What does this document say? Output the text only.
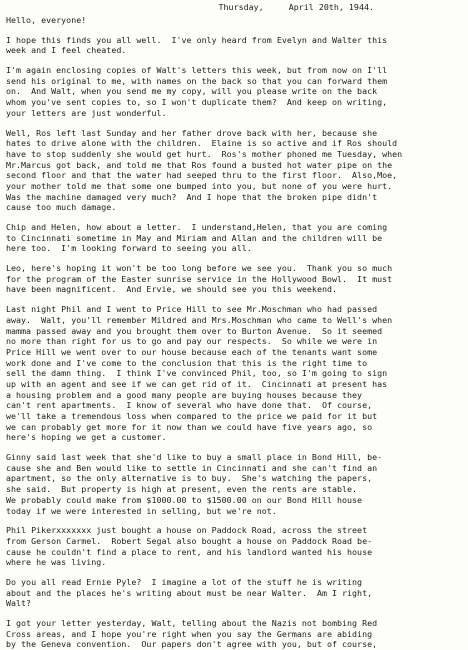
Thursday,     April 20th, 1944.
Hello, everyone!
I hope this finds you all well.  I've only heard from Evelyn and Walter this
week and I feel cheated.
I'm again enclosing copies of Walt's letters this week, but from now on I'll
send his original to me, with names on the back so that you can forward them
on.  And Walt, when you send me my copy, will you please write on the back
whom you've sent copies to, so I won't duplicate them?  And keep on writing,
your letters are just wonderful.
Well, Ros left last Sunday and her father drove back with her, because she
hates to drive alone with the children.  Elaine is so active and if Ros should
have to stop suddenly she would get hurt.  Ros's mother phoned me Tuesday, when
Mr.Marcus got back, and told me that Ros found a busted hot water pipe on the
second floor and that the water had seeped thru to the first floor.  Also,Moe,
your mother told me that some one bumped into you, but none of you were hurt.
Was the machine damaged very much?  And I hope that the broken pipe didn't
cause too much damage.
Chip and Helen, how about a letter.  I understand,Helen, that you are coming
to Cincinnati sometime in May and Miriam and Allan and the children will be
here too.  I'm looking forward to seeing you all.
Leo, here's hoping it won't be too long before we see you.  Thank you so much
for the program of the Easter sunrise service in the Hollywood Bowl.  It must
have been magnificent.  And Ervie, we should see you this weekend.
Last night Phil and I went to Price Hill to see Mr.Moschman who had passed
away.  Walt, you'll remember Mildred and Mrs.Moschman who came to Well's when
mamma passed away and you brought them over to Burton Avenue.  So it seemed
no more than right for us to go and pay our respects.  So while we were in
Price Hill we went over to our house because each of the tenants want some
work done and I've come to the conclusion that this is the right time to
sell the damn thing.  I think I've convinced Phil, too, so I'm going to sign
up with an agent and see if we can get rid of it.  Cincinnati at present has
a housing problem and a good many people are buying houses because they
can't rent apartments.  I know of several who have done that.  Of course,
we'll take a tremendous loss when compared to the price we paid for it but
we can probably get more for it now than we could have five years ago, so
here's hoping we get a customer.
Ginny said last week that she'd like to buy a small place in Bond Hill, be-
cause she and Ben would like to settle in Cincinnati and she can't find an
apartment, so the only alternative is to buy.  She's watching the papers,
she said.  But property is high at present, even the rents are stable.
We probably could make from $1000.00 to $1500.00 on our Bond Hill house
today if we were interested in selling, but we're not.
Phil Pikerxxxxxxx just bought a house on Paddock Road, across the street
from Gerson Carmel.  Robert Segal also bought a house on Paddock Road be-
cause he couldn't find a place to rent, and his landlord wanted his house
where he was living.
Do you all read Ernie Pyle?  I imagine a lot of the stuff he is writing
about and the places he's writing about must be near Walter.  Am I right,
Walt?
I got your letter yesterday, Walt, telling about the Nazis not bombing Red
Cross areas, and I hope you're right when you say the Germans are abiding
by the Geneva convention.  Our papers don't agree with you, but of course,
